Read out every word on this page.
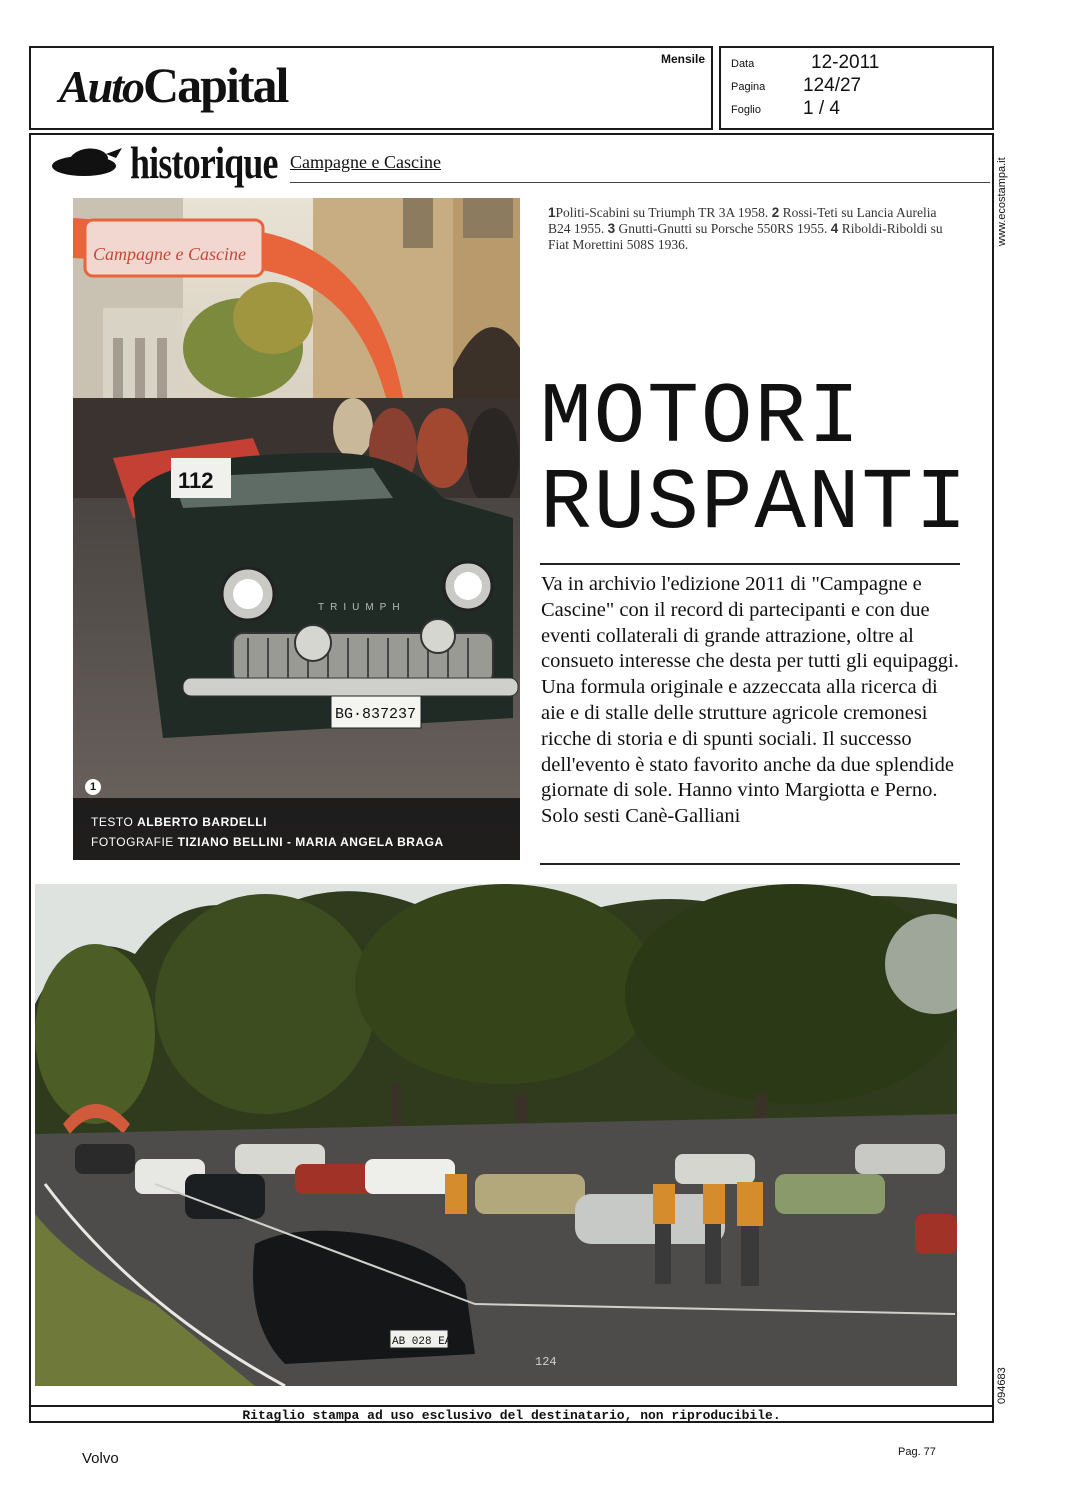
AutoCapital	Mensile Data	12-2011
Pagina 124/27
Foglio 1 / 4
historique Campagne e Cascine
Campagne e Cascine
112
TRIUMPH
BG·837237
1
TESTO ALBERTO BARDELLI
FOTOGRAFIE TIZIANO BELLINI - MARIA ANGELA BRAGA
1Politi-Scabini su Triumph TR 3A 1958. 2 Rossi-Teti su Lancia Aurelia B24 1955. 3 Gnutti-Gnutti su Porsche 550RS 1955. 4 Riboldi-Riboldi su Fiat Morettini 508S 1936.
MOTORI
RUSPANTI
Va in archivio l'edizione 2011 di "Campagne e Cascine" con il record di partecipanti e con due eventi collaterali di grande attrazione, oltre al consueto interesse che desta per tutti gli equipaggi. Una formula originale e azzeccata alla ricerca di aie e di stalle delle strutture agricole cremonesi ricche di storia e di spunti sociali. Il successo dell'evento è stato favorito anche da due splendide giornate di sole. Hanno vinto Margiotta e Perno. Solo sesti Canè-Galliani
AB 028 EA
124
Ritaglio stampa ad uso esclusivo del destinatario, non riproducibile.
www.ecostampa.it
094683
Volvo	Pag. 77
